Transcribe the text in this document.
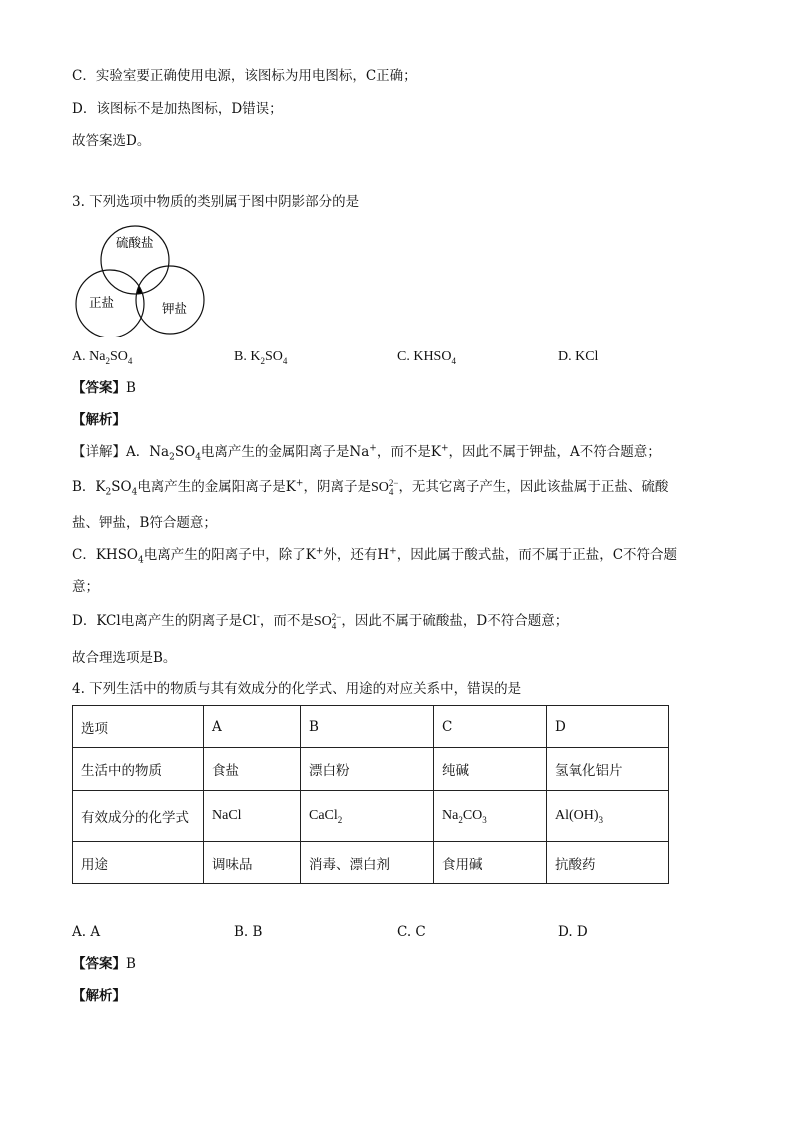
C．实验室要正确使用电源，该图标为用电图标，C正确；
D．该图标不是加热图标，D错误；
故答案选D。
3. 下列选项中物质的类别属于图中阴影部分的是
硫酸盐
正盐	钾盐
A. $Na_2SO_4$	B. $K_2SO_4$	C. $KHSO_4$	D. KCl
【答案】B
【解析】
【详解】A．$Na_2SO_4$电离产生的金属阳离子是Na+，而不是K+，因此不属于钾盐，A不符合题意；
B．$K_2SO_4$电离产生的金属阳离子是K+，阴离子是SO 2−
4 ，无其它离子产生，因此该盐属于正盐、硫酸
盐、钾盐，B符合题意；
C．$KHSO_4$电离产生的阳离子中，除了K+外，还有H+，因此属于酸式盐，而不属于正盐，C不符合题
意；
D．KCl电离产生的阴离子是Cl-，而不是SO 2−
4 ，因此不属于硫酸盐，D不符合题意；
故合理选项是B。
4. 下列生活中的物质与其有效成分的化学式、用途的对应关系中，错误的是
选项	A	B	C	D
生活中的物质	食盐	漂白粉	纯碱	氢氧化铝片
有效成分的化学式	NaCl	CaCl$_2$	$Na_2CO_3$	$Al(OH)_3$
用途	调味品	消毒、漂白剂	食用碱	抗酸药
A. A	B. B	C. C	D. D
【答案】B
【解析】
